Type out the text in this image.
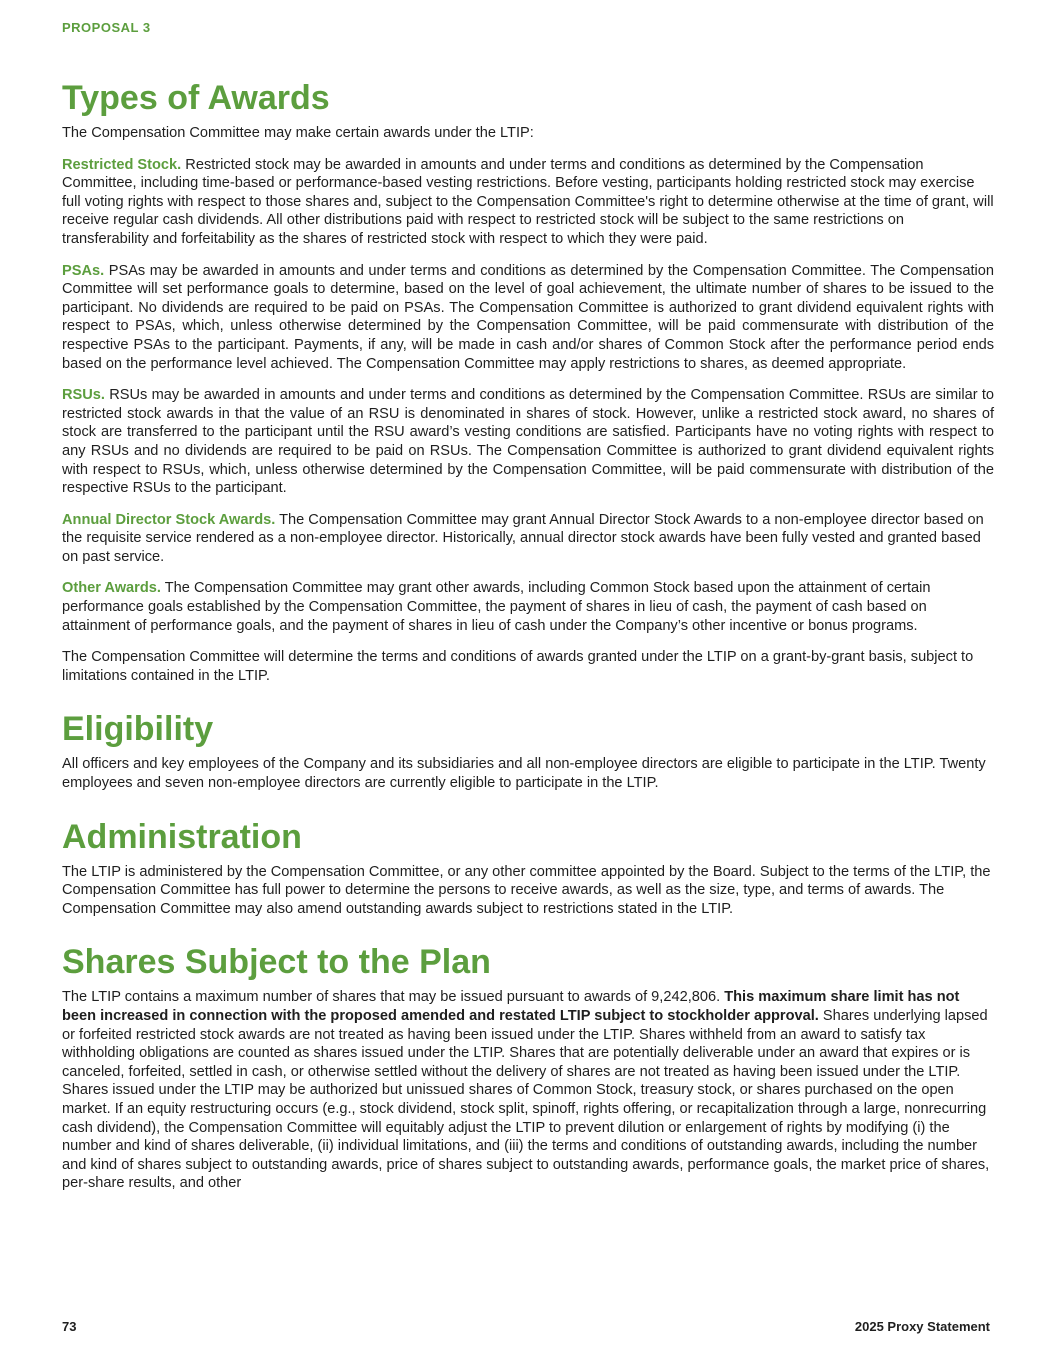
PROPOSAL 3
Types of Awards

The Compensation Committee may make certain awards under the LTIP:

Restricted Stock. Restricted stock may be awarded in amounts and under terms and conditions as determined by the Compensation Committee, including time-based or performance-based vesting restrictions. Before vesting, participants holding restricted stock may exercise full voting rights with respect to those shares and, subject to the Compensation Committee's right to determine otherwise at the time of grant, will receive regular cash dividends. All other distributions paid with respect to restricted stock will be subject to the same restrictions on transferability and forfeitability as the shares of restricted stock with respect to which they were paid.

PSAs. PSAs may be awarded in amounts and under terms and conditions as determined by the Compensation Committee. The Compensation Committee will set performance goals to determine, based on the level of goal achievement, the ultimate number of shares to be issued to the participant. No dividends are required to be paid on PSAs. The Compensation Committee is authorized to grant dividend equivalent rights with respect to PSAs, which, unless otherwise determined by the Compensation Committee, will be paid commensurate with distribution of the respective PSAs to the participant. Payments, if any, will be made in cash and/or shares of Common Stock after the performance period ends based on the performance level achieved. The Compensation Committee may apply restrictions to shares, as deemed appropriate.

RSUs. RSUs may be awarded in amounts and under terms and conditions as determined by the Compensation Committee. RSUs are similar to restricted stock awards in that the value of an RSU is denominated in shares of stock. However, unlike a restricted stock award, no shares of stock are transferred to the participant until the RSU award’s vesting conditions are satisfied. Participants have no voting rights with respect to any RSUs and no dividends are required to be paid on RSUs. The Compensation Committee is authorized to grant dividend equivalent rights with respect to RSUs, which, unless otherwise determined by the Compensation Committee, will be paid commensurate with distribution of the respective RSUs to the participant.

Annual Director Stock Awards. The Compensation Committee may grant Annual Director Stock Awards to a non-employee director based on the requisite service rendered as a non-employee director. Historically, annual director stock awards have been fully vested and granted based on past service.

Other Awards. The Compensation Committee may grant other awards, including Common Stock based upon the attainment of certain performance goals established by the Compensation Committee, the payment of shares in lieu of cash, the payment of cash based on attainment of performance goals, and the payment of shares in lieu of cash under the Company’s other incentive or bonus programs.

The Compensation Committee will determine the terms and conditions of awards granted under the LTIP on a grant-by-grant basis, subject to limitations contained in the LTIP.

Eligibility

All officers and key employees of the Company and its subsidiaries and all non-employee directors are eligible to participate in the LTIP. Twenty employees and seven non-employee directors are currently eligible to participate in the LTIP.

Administration

The LTIP is administered by the Compensation Committee, or any other committee appointed by the Board. Subject to the terms of the LTIP, the Compensation Committee has full power to determine the persons to receive awards, as well as the size, type, and terms of awards. The Compensation Committee may also amend outstanding awards subject to restrictions stated in the LTIP.

Shares Subject to the Plan

The LTIP contains a maximum number of shares that may be issued pursuant to awards of 9,242,806. This maximum share limit has not been increased in connection with the proposed amended and restated LTIP subject to stockholder approval. Shares underlying lapsed or forfeited restricted stock awards are not treated as having been issued under the LTIP. Shares withheld from an award to satisfy tax withholding obligations are counted as shares issued under the LTIP. Shares that are potentially deliverable under an award that expires or is canceled, forfeited, settled in cash, or otherwise settled without the delivery of shares are not treated as having been issued under the LTIP. Shares issued under the LTIP may be authorized but unissued shares of Common Stock, treasury stock, or shares purchased on the open market. If an equity restructuring occurs (e.g., stock dividend, stock split, spinoff, rights offering, or recapitalization through a large, nonrecurring cash dividend), the Compensation Committee will equitably adjust the LTIP to prevent dilution or enlargement of rights by modifying (i) the number and kind of shares deliverable, (ii) individual limitations, and (iii) the terms and conditions of outstanding awards, including the number and kind of shares subject to outstanding awards, price of shares subject to outstanding awards, performance goals, the market price of shares, per-share results, and other

73	2025 Proxy Statement
